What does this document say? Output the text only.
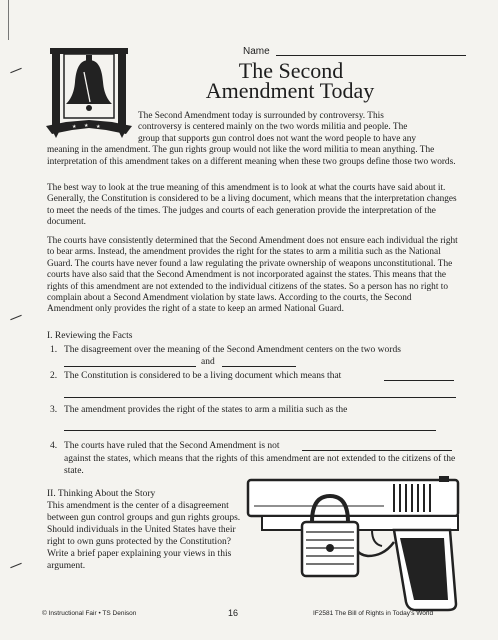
★ ★ ★
Name
The Second
Amendment Today

The Second Amendment today is surrounded by controversy. This
controversy is centered mainly on the two words militia and people. The
group that supports gun control does not want the word people to have any
meaning in the amendment. The gun rights group would not like the word militia to mean anything. The interpretation of this amendment takes on a different meaning when these two groups define those two words.

The best way to look at the true meaning of this amendment is to look at what the courts have said about it. Generally, the Constitution is considered to be a living document, which means that the interpretation changes to meet the needs of the times. The judges and courts of each generation provide the interpretation of the document.

The courts have consistently determined that the Second Amendment does not ensure each individual the right to bear arms. Instead, the amendment provides the right for the states to arm a militia such as the National Guard. The courts have never found a law regulating the private ownership of weapons unconstitutional. The courts have also said that the Second Amendment is not incorporated against the states. This means that the rights of this amendment are not extended to the individual citizens of the states. So a person has no right to complain about a Second Amendment violation by state laws. According to the courts, the Second Amendment only provides the right of a state to keep an armed National Guard.

I. Reviewing the Facts
1. The disagreement over the meaning of the Second Amendment centers on the two words
and
2. The Constitution is considered to be a living document which means that
3. The amendment provides the right of the states to arm a militia such as the
4. The courts have ruled that the Second Amendment is not
against the states, which means that the rights of this amendment are not extended to the citizens of the state.
II. Thinking About the Story
This amendment is the center of a disagreement between gun control groups and gun rights groups. Should individuals in the United States have their right to own guns protected by the Constitution? Write a brief paper explaining your views in this argument.
© Instructional Fair • TS Denison	16	IF2581 The Bill of Rights in Today's World
